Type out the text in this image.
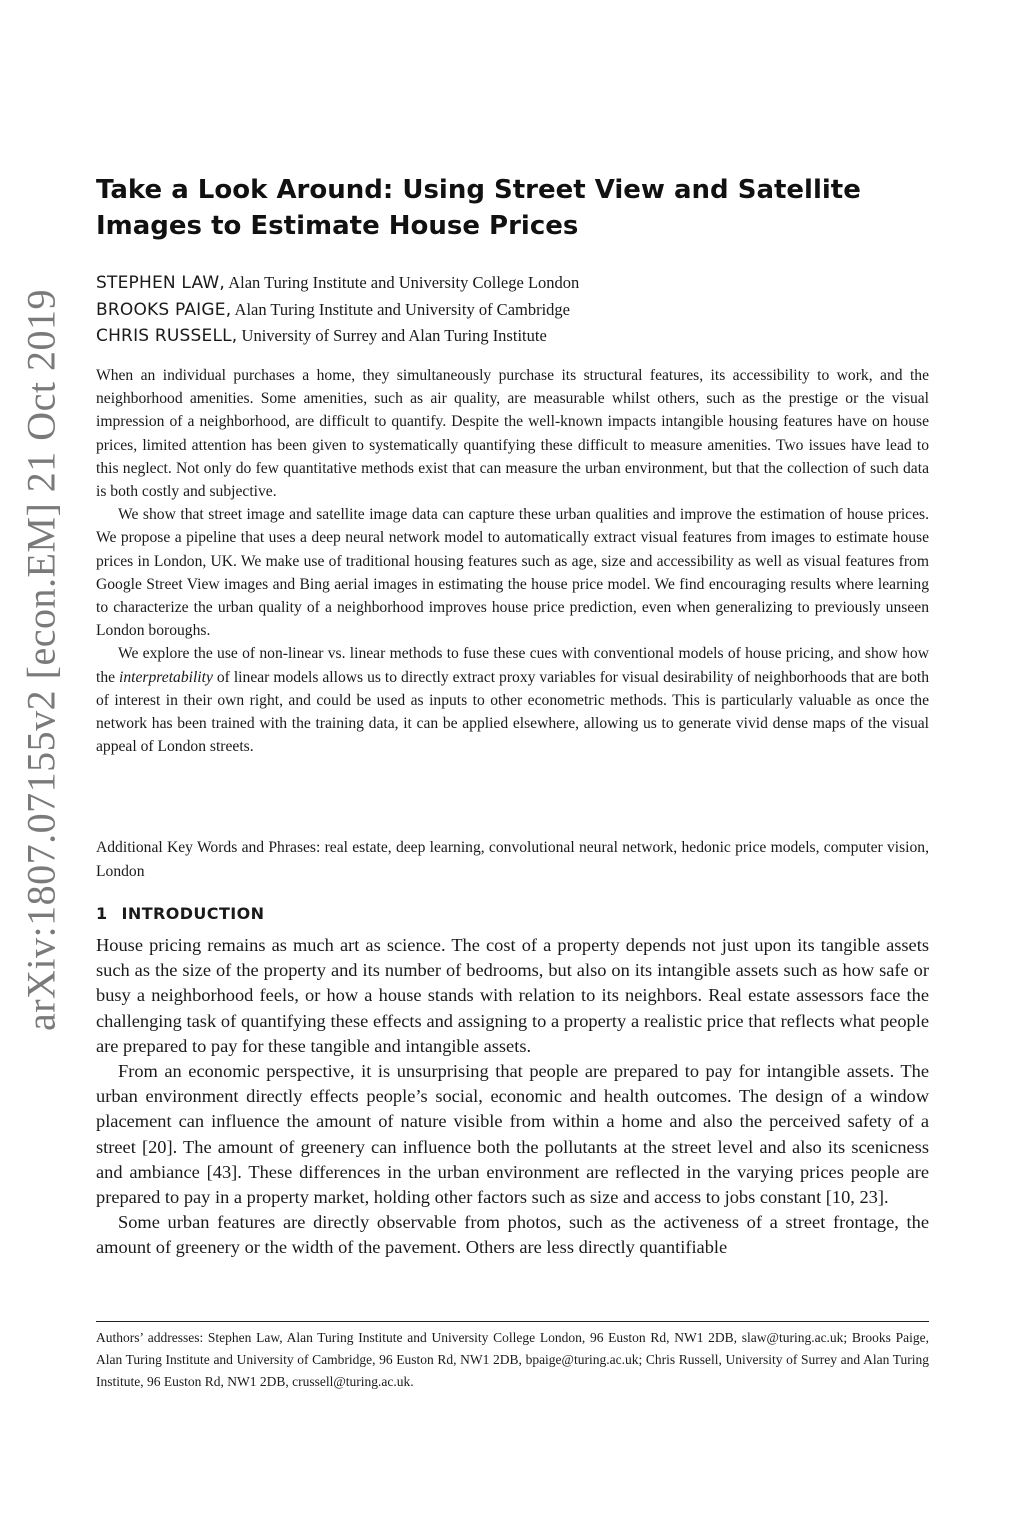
arXiv:1807.07155v2 [econ.EM] 21 Oct 2019
Take a Look Around: Using Street View and Satellite Images to Estimate House Prices
STEPHEN LAW, Alan Turing Institute and University College London
BROOKS PAIGE, Alan Turing Institute and University of Cambridge
CHRIS RUSSELL, University of Surrey and Alan Turing Institute

When an individual purchases a home, they simultaneously purchase its structural features, its accessibility to work, and the neighborhood amenities. Some amenities, such as air quality, are measurable whilst others, such as the prestige or the visual impression of a neighborhood, are difficult to quantify. Despite the well-known impacts intangible housing features have on house prices, limited attention has been given to systematically quantifying these difficult to measure amenities. Two issues have lead to this neglect. Not only do few quantitative methods exist that can measure the urban environment, but that the collection of such data is both costly and subjective.

We show that street image and satellite image data can capture these urban qualities and improve the estimation of house prices. We propose a pipeline that uses a deep neural network model to automatically extract visual features from images to estimate house prices in London, UK. We make use of traditional housing features such as age, size and accessibility as well as visual features from Google Street View images and Bing aerial images in estimating the house price model. We find encouraging results where learning to characterize the urban quality of a neighborhood improves house price prediction, even when generalizing to previously unseen London boroughs.

We explore the use of non-linear vs. linear methods to fuse these cues with conventional models of house pricing, and show how the interpretability of linear models allows us to directly extract proxy variables for visual desirability of neighborhoods that are both of interest in their own right, and could be used as inputs to other econometric methods. This is particularly valuable as once the network has been trained with the training data, it can be applied elsewhere, allowing us to generate vivid dense maps of the visual appeal of London streets.

Additional Key Words and Phrases: real estate, deep learning, convolutional neural network, hedonic price models, computer vision, London
1 INTRODUCTION

House pricing remains as much art as science. The cost of a property depends not just upon its tangible assets such as the size of the property and its number of bedrooms, but also on its intangible assets such as how safe or busy a neighborhood feels, or how a house stands with relation to its neighbors. Real estate assessors face the challenging task of quantifying these effects and assigning to a property a realistic price that reflects what people are prepared to pay for these tangible and intangible assets.

From an economic perspective, it is unsurprising that people are prepared to pay for intangible assets. The urban environment directly effects people’s social, economic and health outcomes. The design of a window placement can influence the amount of nature visible from within a home and also the perceived safety of a street [20]. The amount of greenery can influence both the pollutants at the street level and also its scenicness and ambiance [43]. These differences in the urban environment are reflected in the varying prices people are prepared to pay in a property market, holding other factors such as size and access to jobs constant [10, 23].

Some urban features are directly observable from photos, such as the activeness of a street frontage, the amount of greenery or the width of the pavement. Others are less directly quantifiable

Authors’ addresses: Stephen Law, Alan Turing Institute and University College London, 96 Euston Rd, NW1 2DB, slaw@turing.ac.uk; Brooks Paige, Alan Turing Institute and University of Cambridge, 96 Euston Rd, NW1 2DB, bpaige@turing.ac.uk; Chris Russell, University of Surrey and Alan Turing Institute, 96 Euston Rd, NW1 2DB, crussell@turing.ac.uk.
